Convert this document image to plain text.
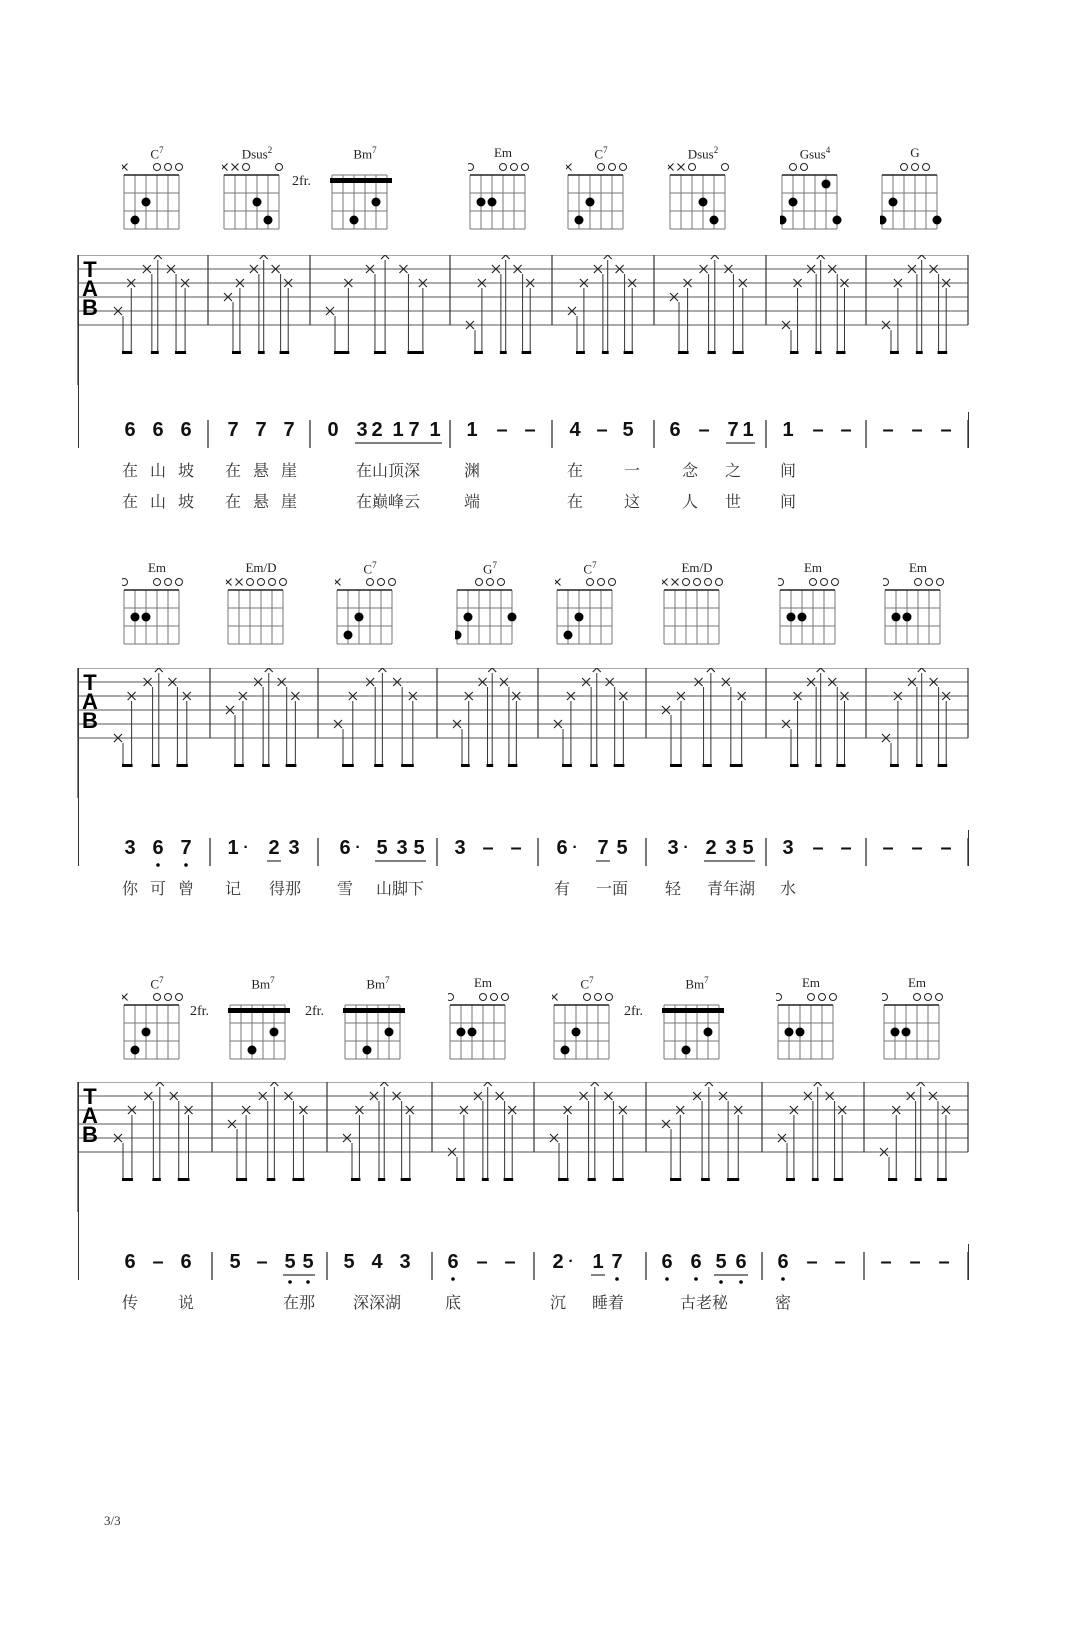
$C^7$	Dsus$^2$	Bm$^7$
2fr.
Em	$C^7$	Dsus$^2$	Gsus$^4$	G
T
A
B
6 6 6 7 7 7 0 3 2 1 7 1 1 – – 4 – 5 6 – 7 1 1 – – – – –
在 山 坡 在 悬 崖	在山顶深	渊	在	一	念 之 间
在 山 坡 在 悬 崖	在巅峰云	端	在	这	人 世 间
Em	Em/D	$C^7$	$G^7$	$C^7$	Em/D	Em	Em
T
A
B
3 6 7 1 · 2 3 6 · 5 3 5 3 – – 6 · 7 5 3 · 2 3 5 3 – – – – –
你 可 曾 记 得那 雪 山脚下	有 一面 轻 青年湖 水
$C^7$	Bm$^7$
2fr.
Bm$^7$
2fr.
Em	$C^7$	Bm$^7$
2fr.
Em	Em
T
A
B
6 – 6 5 – 5 5 5 4 3 6 – – 2 · 1 7 6 6 5 6 6 – – – – –
传 说	在那 深深湖	底	沉 睡着	古老秘	密
3/3
